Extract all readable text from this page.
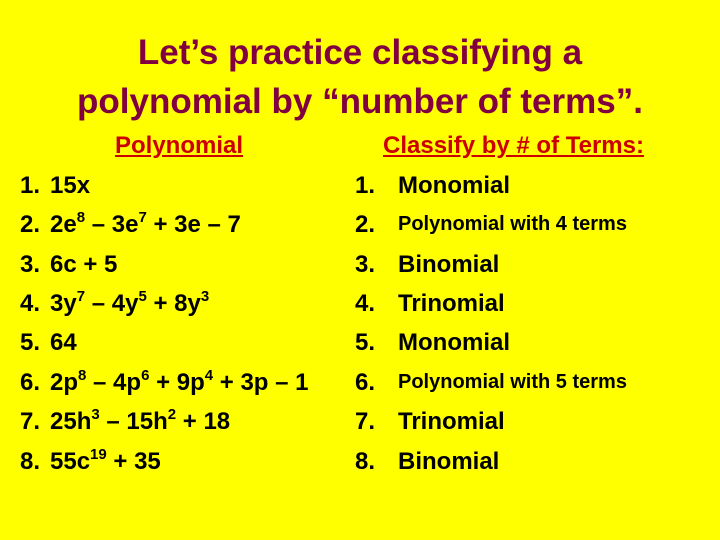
Let’s practice classifying a
polynomial by “number of terms”.
Polynomial	Classify by # of Terms:
1. 15x	1. Monomial
2. $2e^8 - 3e^7 + 3e - 7$	2. Polynomial with 4 terms
3. 6c + 5	3. Binomial
4. $3y^7 - 4y^5 + 8y^3$	4. Trinomial
5. 64	5. Monomial
6. $2p^8 - 4p^6 + 9p^4 + 3p - 1$	6. Polynomial with 5 terms
7. $25h^3 - 15h^2 + 18$	7. Trinomial
8. $55c^{19} + 35$	8. Binomial
